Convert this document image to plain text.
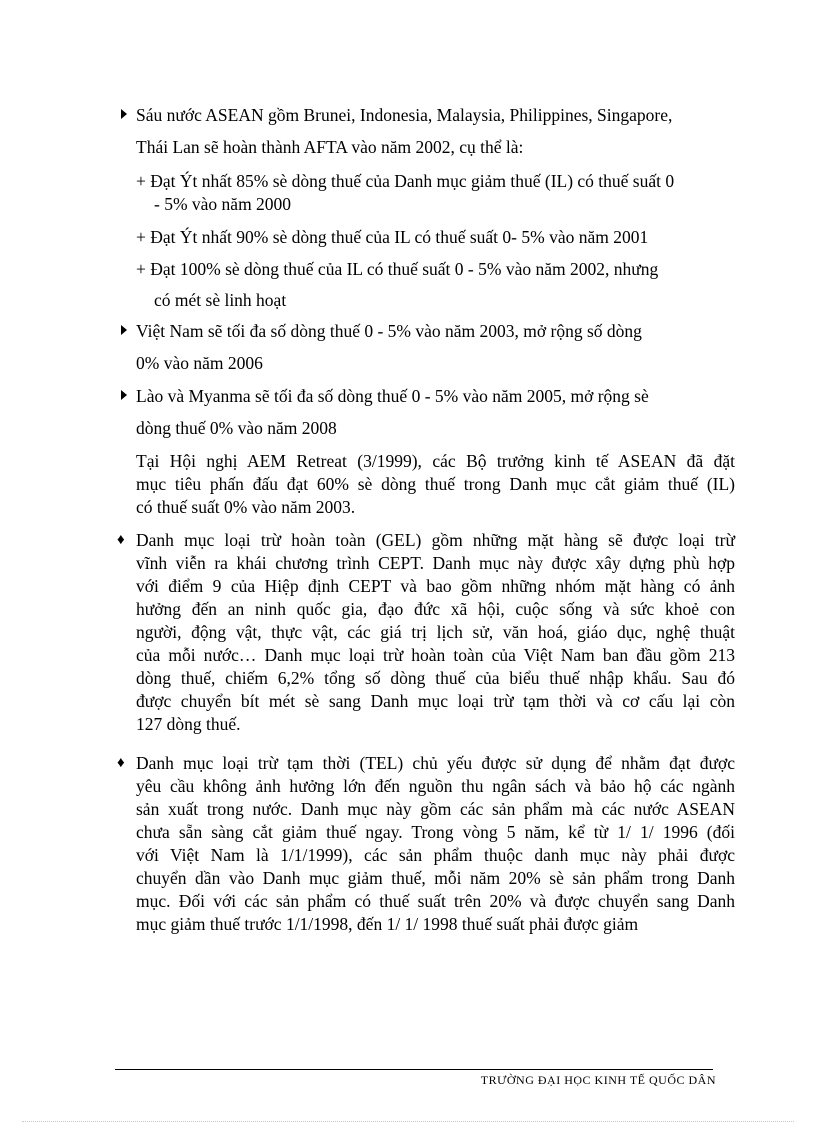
Sáu nước ASEAN gồm Brunei, Indonesia, Malaysia, Philippines, Singapore,
Thái Lan sẽ hoàn thành AFTA vào năm 2002, cụ thể là:
+ Đạt Ýt nhất 85% sè dòng thuế của Danh mục giảm thuế (IL) có thuế suất 0
- 5% vào năm 2000
+ Đạt Ýt nhất 90% sè dòng thuế của IL có thuế suất 0- 5% vào năm 2001
+ Đạt 100% sè dòng thuế của IL có thuế suất 0 - 5% vào năm 2002, nhưng
có mét sè linh hoạt
Việt Nam sẽ tối đa số dòng thuế 0 - 5% vào năm 2003, mở rộng số dòng
0% vào năm 2006
Lào và Myanma sẽ tối đa số dòng thuế 0 - 5% vào năm 2005, mở rộng sè
dòng thuế 0% vào năm 2008
Tại Hội nghị AEM Retreat (3/1999), các Bộ trưởng kinh tế ASEAN đã đặt
mục tiêu phấn đấu đạt 60% sè dòng thuế trong Danh mục cắt giảm thuế (IL)
có thuế suất 0% vào năm 2003.
♦ Danh mục loại trừ hoàn toàn (GEL) gồm những mặt hàng sẽ được loại trừ
vĩnh viễn ra khái chương trình CEPT. Danh mục này được xây dựng phù hợp
với điểm 9 của Hiệp định CEPT và bao gồm những nhóm mặt hàng có ảnh
hưởng đến an ninh quốc gia, đạo đức xã hội, cuộc sống và sức khoẻ con
người, động vật, thực vật, các giá trị lịch sử, văn hoá, giáo dục, nghệ thuật
của mỗi nước… Danh mục loại trừ hoàn toàn của Việt Nam ban đầu gồm 213
dòng thuế, chiếm 6,2% tổng số dòng thuế của biểu thuế nhập khẩu. Sau đó
được chuyển bít mét sè sang Danh mục loại trừ tạm thời và cơ cấu lại còn
127 dòng thuế.
♦ Danh mục loại trừ tạm thời (TEL) chủ yếu được sử dụng để nhằm đạt được
yêu cầu không ảnh hưởng lớn đến nguồn thu ngân sách và bảo hộ các ngành
sản xuất trong nước. Danh mục này gồm các sản phẩm mà các nước ASEAN
chưa sẵn sàng cắt giảm thuế ngay. Trong vòng 5 năm, kể từ 1/ 1/ 1996 (đối
với Việt Nam là 1/1/1999), các sản phẩm thuộc danh mục này phải được
chuyển dần vào Danh mục giảm thuế, mỗi năm 20% sè sản phẩm trong Danh
mục. Đối với các sản phẩm có thuế suất trên 20% và được chuyển sang Danh
mục giảm thuế trước 1/1/1998, đến 1/ 1/ 1998 thuế suất phải được giảm
TRƯỜNG ĐẠI HỌC KINH TẾ QUỐC DÂN
